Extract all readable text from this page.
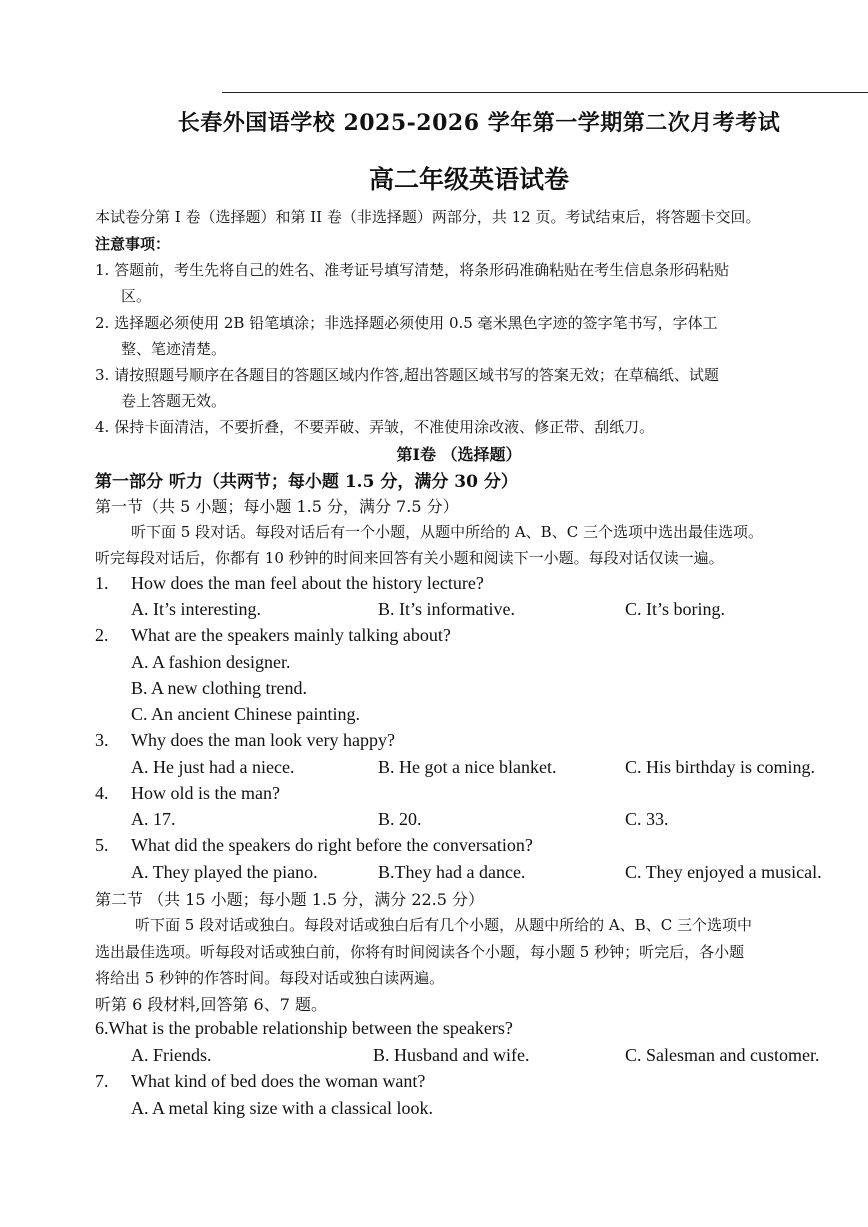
长春外国语学校 2025-2026 学年第一学期第二次月考考试
高二年级英语试卷
本试卷分第 I 卷（选择题）和第 II 卷（非选择题）两部分，共 12 页。考试结束后，将答题卡交回。
注意事项：
1. 答题前，考生先将自己的姓名、准考证号填写清楚，将条形码准确粘贴在考生信息条形码粘贴
区。
2. 选择题必须使用 2B 铅笔填涂；非选择题必须使用 0.5 毫米黑色字迹的签字笔书写，字体工
整、笔迹清楚。
3. 请按照题号顺序在各题目的答题区域内作答,超出答题区域书写的答案无效；在草稿纸、试题
卷上答题无效。
4. 保持卡面清洁，不要折叠，不要弄破、弄皱，不准使用涂改液、修正带、刮纸刀。
第Ⅰ卷 （选择题）
第一部分 听力（共两节；每小题 1.5 分，满分 30 分）
第一节（共 5 小题；每小题 1.5 分，满分 7.5 分）
听下面 5 段对话。每段对话后有一个小题，从题中所给的 A、B、C 三个选项中选出最佳选项。
听完每段对话后，你都有 10 秒钟的时间来回答有关小题和阅读下一小题。每段对话仅读一遍。
1. How does the man feel about the history lecture?
A. It’s interesting.	B. It’s informative.	C. It’s boring.
2. What are the speakers mainly talking about?
A. A fashion designer.
B. A new clothing trend.
C. An ancient Chinese painting.
3. Why does the man look very happy?
A. He just had a niece.	B. He got a nice blanket.	C. His birthday is coming.
4. How old is the man?
A. 17.	B. 20.	C. 33.
5. What did the speakers do right before the conversation?
A. They played the piano.	B.They had a dance.	C. They enjoyed a musical.
第二节 （共 15 小题；每小题 1.5 分，满分 22.5 分）
听下面 5 段对话或独白。每段对话或独白后有几个小题，从题中所给的 A、B、C 三个选项中
选出最佳选项。听每段对话或独白前，你将有时间阅读各个小题，每小题 5 秒钟；听完后，各小题
将给出 5 秒钟的作答时间。每段对话或独白读两遍。
听第 6 段材料,回答第 6、7 题。
6.What is the probable relationship between the speakers?
A. Friends.	B. Husband and wife.	C. Salesman and customer.
7. What kind of bed does the woman want?
A. A metal king size with a classical look.
